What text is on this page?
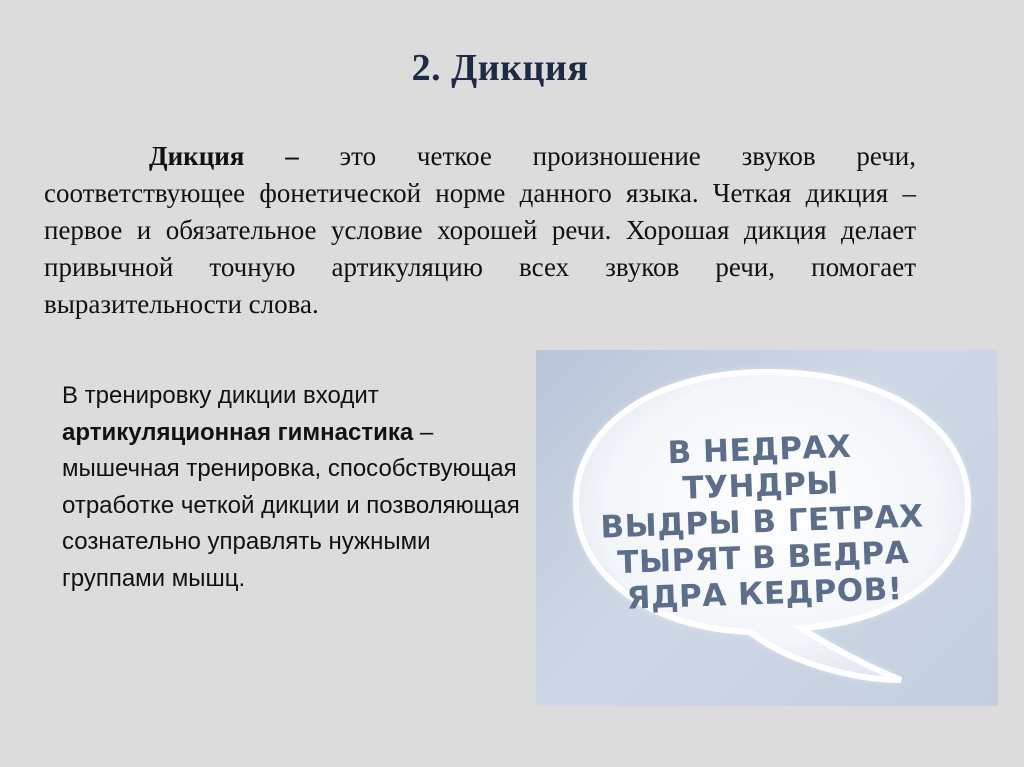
2. Дикция
Дикция – это четкое произношение звуков речи, соответствующее фонетической норме данного языка. Четкая дикция – первое и обязательное условие хорошей речи. Хорошая дикция делает привычной точную артикуляцию всех звуков речи, помогает выразительности слова.
В тренировку дикции входит артикуляционная гимнастика – мышечная тренировка, способствующая отработке четкой дикции и позволяющая сознательно управлять нужными группами мышц.
В НЕДРАХ ТУНДРЫ
ВЫДРЫ В ГЕТРАХ
ТЫРЯТ В ВЕДРА
ЯДРА КЕДРОВ!
